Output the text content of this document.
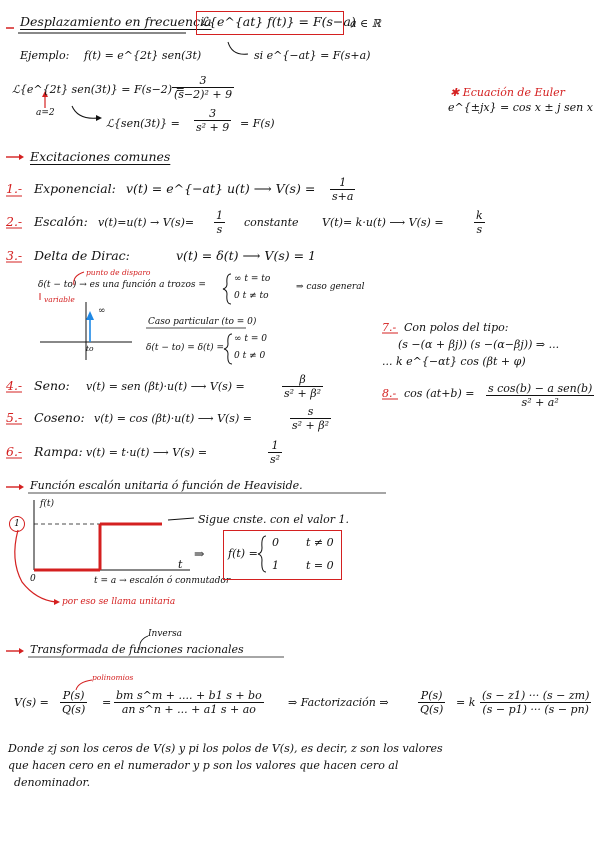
Desplazamiento en frecuencia
ℒ{e^{at} f(t)} = F(s−a)
a ∈ ℝ
Ejemplo: f(t) = e^{2t} sen(3t)	si e^{−at} = F(s+a)
ℒ{e^{2t} sen(3t)} = F(s−2) =
$\frac{3}{\text{(s−2)² + 9}}$
a=2
ℒ{sen(3t)} = $\frac{3}{\text{s² + 9}} = F(s)$
✱ Ecuación de Euler
e^{±jx} = cos x ± j sen x
Excitaciones comunes
1.- Exponencial: v(t) = e^{−at} u(t) ⟶ $V(s) = \frac{1}{s+a}$
2.- Escalón: $v(t)=u(t) \to V(s)= \frac{1}{s}$ constante V(t)= k·u(t) ⟶ V(s) =	$\frac{k}{s}$
3.- Delta de Dirac:	v(t) = δ(t) ⟶ V(s) = 1
punto de disparo
δ(t − to) → es una función a trozos =
∞ t = to
0 t ≠ to
⇒ caso general
variable
∞
to
Caso particular (to = 0)
δ(t − to) = δ(t) =
∞ t = 0
0 t ≠ 0
7.- Con polos del tipo:
(s −(α + βj)) (s −(α−βj)) ⇒ ...
... k e^{−αt} cos (βt + φ)
4.- Seno: v(t) = sen (βt)·u(t) ⟶ V(s) =	$\frac{\beta}{\text{s² + β²}}$	8.- cos (at+b) = s cos(b) − a sen(b)
s² + a²
5.- Coseno: v(t) = cos (βt)·u(t) ⟶ V(s) =	$\frac{s}{\text{s² + β²}}$
6.- Rampa: v(t) = t·u(t) ⟶ V(s) =	$\frac{1}{\text{s²}}$
Función escalón unitaria ó función de Heaviside.
f(t)
1	Sigue cnste. con el valor 1.
t
0	t = a → escalón ó conmutador
por eso se llama unitaria
⇒ f(t) =
0 t ≠ 0
1 t = 0
Inversa
Transformada de funciones racionales
polinomios
$V(s) = \frac{P(s)}{Q(s)} = \frac{\text{bm s\textasciicircum{}m + .... + b1 s + bo}}{\text{an s\textasciicircum{}n + ... + a1 s + ao}}$ ⇒ Factorización ⇒	$\frac{P(s)}{Q(s)} = k \frac{(s - z1) \cdot\cdot\cdot (s - zm)}{(s - p1) \cdot\cdot\cdot (s - pn)}$
Donde zj son los ceros de V(s) y pi los polos de V(s), es decir, z son los valores
que hacen cero en el numerador y p son los valores que hacen cero al
denominador.
